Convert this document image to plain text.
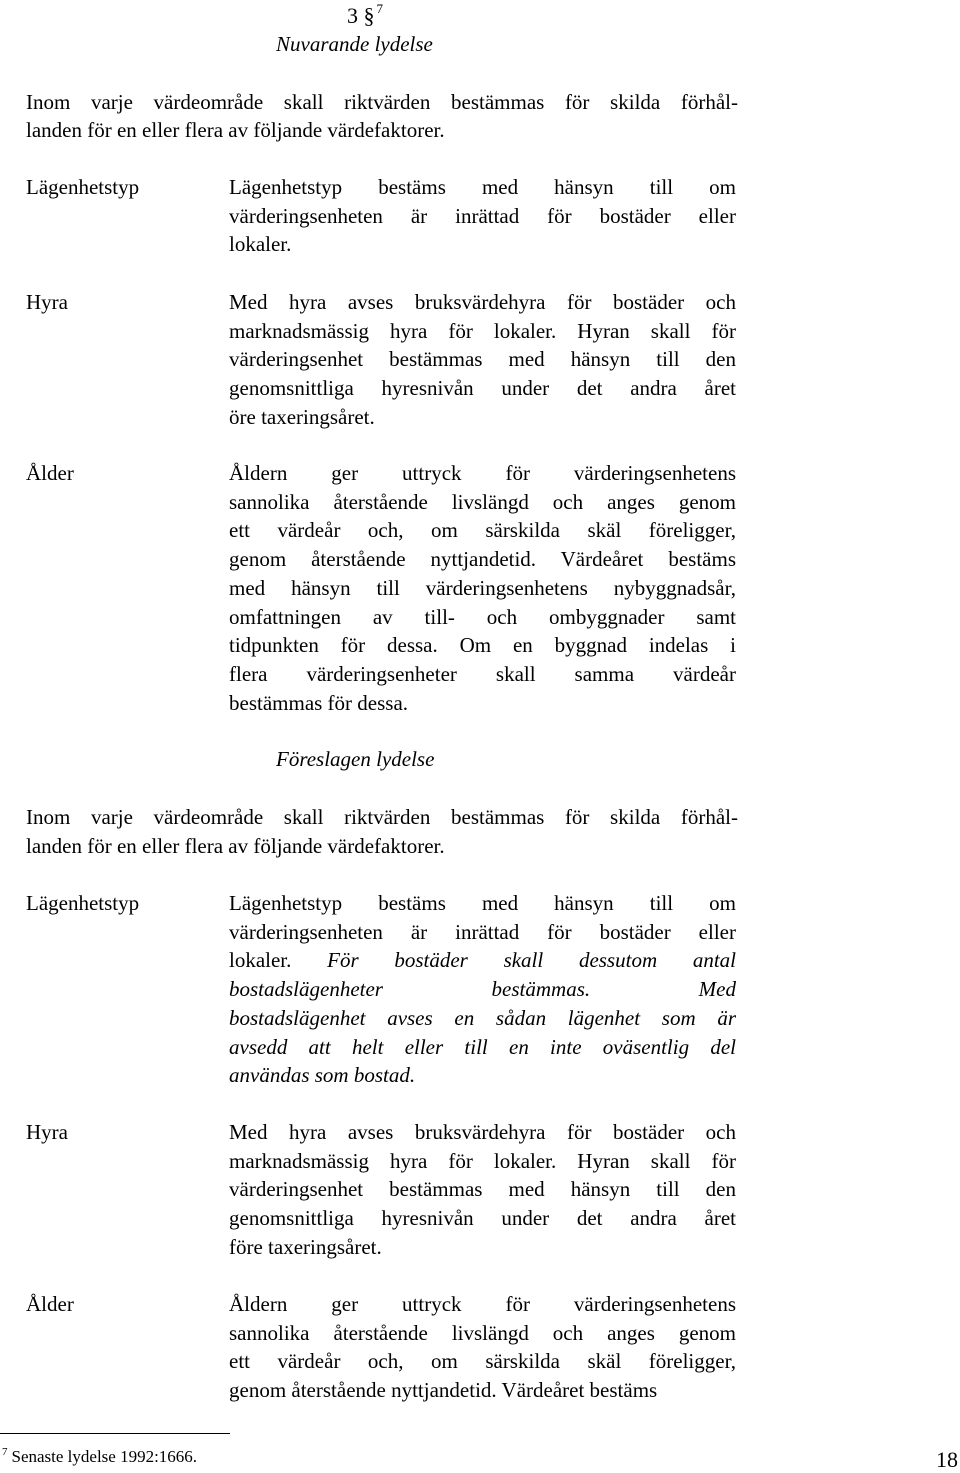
3 § $^7$
Nuvarande lydelse
Inom varje värdeområde skall riktvärden bestämmas för skilda förhål-
landen för en eller flera av följande värdefaktorer.
Lägenhetstyp
Hyra
Ålder
Lägenhetstyp bestäms med hänsyn till om
värderingsenheten är inrättad för bostäder eller
lokaler.
Med hyra avses bruksvärdehyra för bostäder och
marknadsmässig hyra för lokaler. Hyran skall för
värderingsenhet bestämmas med hänsyn till den
genomsnittliga hyresnivån under det andra året
öre taxeringsåret.
Åldern ger uttryck för värderingsenhetens
sannolika återstående livslängd och anges genom
ett värdeår och, om särskilda skäl föreligger,
genom återstående nyttjandetid. Värdeåret bestäms
med hänsyn till värderingsenhetens nybyggnadsår,
omfattningen av till- och ombyggnader samt
tidpunkten för dessa. Om en byggnad indelas i
flera värderingsenheter skall samma värdeår
bestämmas för dessa.
Föreslagen lydelse
Inom varje värdeområde skall riktvärden bestämmas för skilda förhål-
landen för en eller flera av följande värdefaktorer.
Lägenhetstyp
Hyra
Ålder
Lägenhetstyp bestäms med hänsyn till om
värderingsenheten är inrättad för bostäder eller
lokaler. För bostäder skall dessutom antal
bostadslägenheter bestämmas. Med
bostadslägenhet avses en sådan lägenhet som är
avsedd att helt eller till en inte oväsentlig del
användas som bostad.
Med hyra avses bruksvärdehyra för bostäder och
marknadsmässig hyra för lokaler. Hyran skall för
värderingsenhet bestämmas med hänsyn till den
genomsnittliga hyresnivån under det andra året
före taxeringsåret.
Åldern ger uttryck för värderingsenhetens
sannolika återstående livslängd och anges genom
ett värdeår och, om särskilda skäl föreligger,
genom återstående nyttjandetid. Värdeåret bestäms
$^7$ Senaste lydelse 1992:1666.	18
